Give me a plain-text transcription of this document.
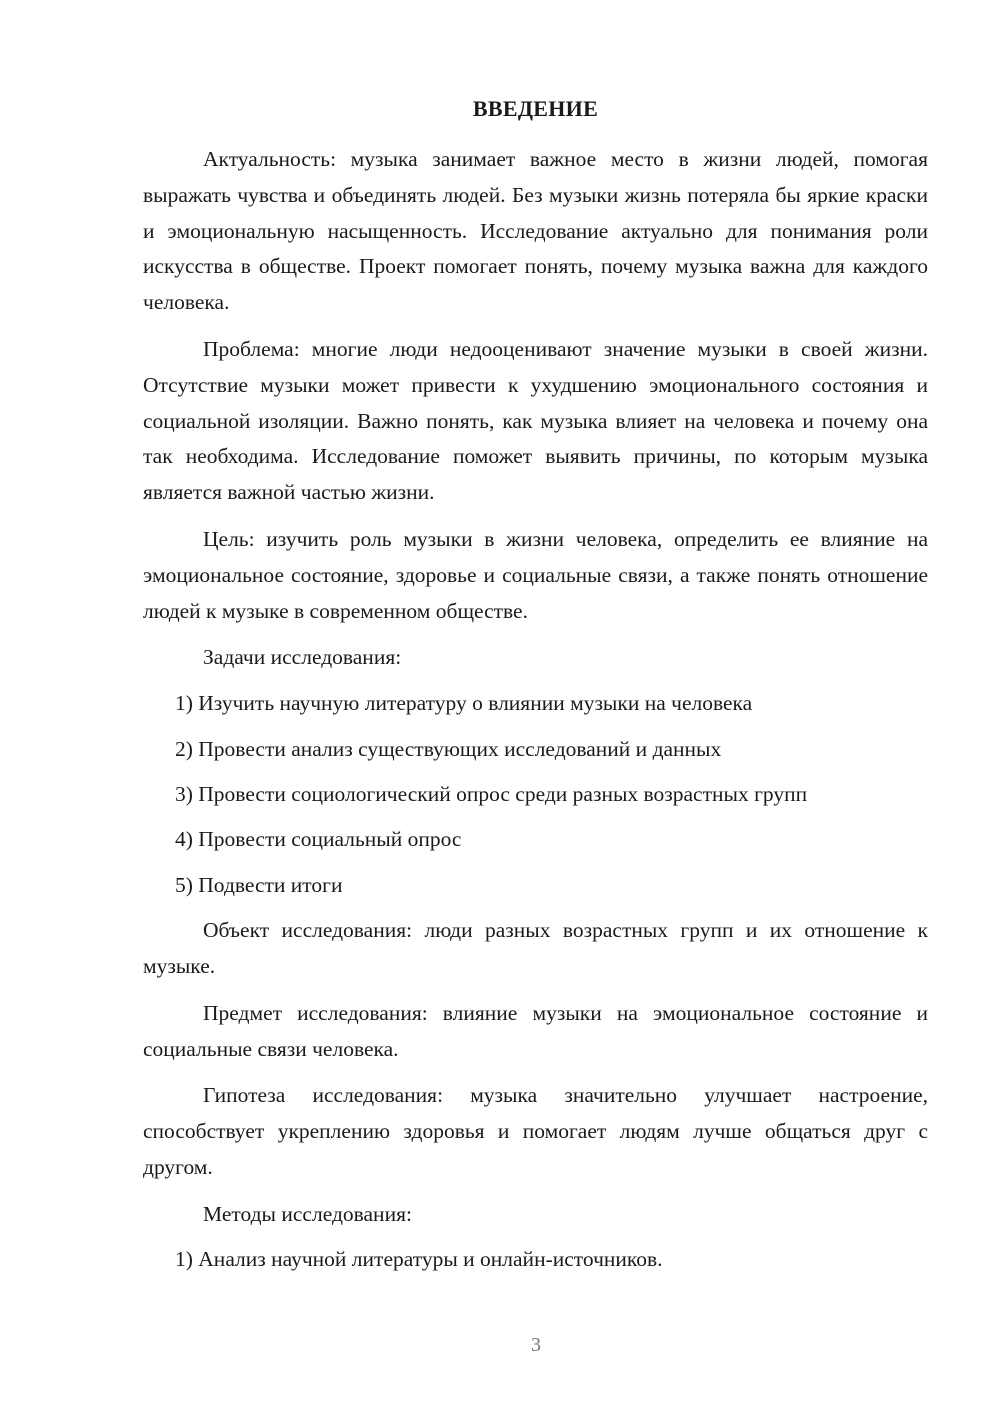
ВВЕДЕНИЕ

Актуальность: музыка занимает важное место в жизни людей, помогая выражать чувства и объединять людей. Без музыки жизнь потеряла бы яркие краски и эмоциональную насыщенность. Исследование актуально для понимания роли искусства в обществе. Проект помогает понять, почему музыка важна для каждого человека.

Проблема: многие люди недооценивают значение музыки в своей жизни. Отсутствие музыки может привести к ухудшению эмоционального состояния и социальной изоляции. Важно понять, как музыка влияет на человека и почему она так необходима. Исследование поможет выявить причины, по которым музыка является важной частью жизни.

Цель: изучить роль музыки в жизни человека, определить ее влияние на эмоциональное состояние, здоровье и социальные связи, а также понять отношение людей к музыке в современном обществе.

Задачи исследования:

1) Изучить научную литературу о влиянии музыки на человека
2) Провести анализ существующих исследований и данных
3) Провести социологический опрос среди разных возрастных групп
4) Провести социальный опрос
5) Подвести итоги

Объект исследования: люди разных возрастных групп и их отношение к музыке.

Предмет исследования: влияние музыки на эмоциональное состояние и социальные связи человека.

Гипотеза исследования: музыка значительно улучшает настроение, способствует укреплению здоровья и помогает людям лучше общаться друг с другом.

Методы исследования:

1) Анализ научной литературы и онлайн-источников.
3
